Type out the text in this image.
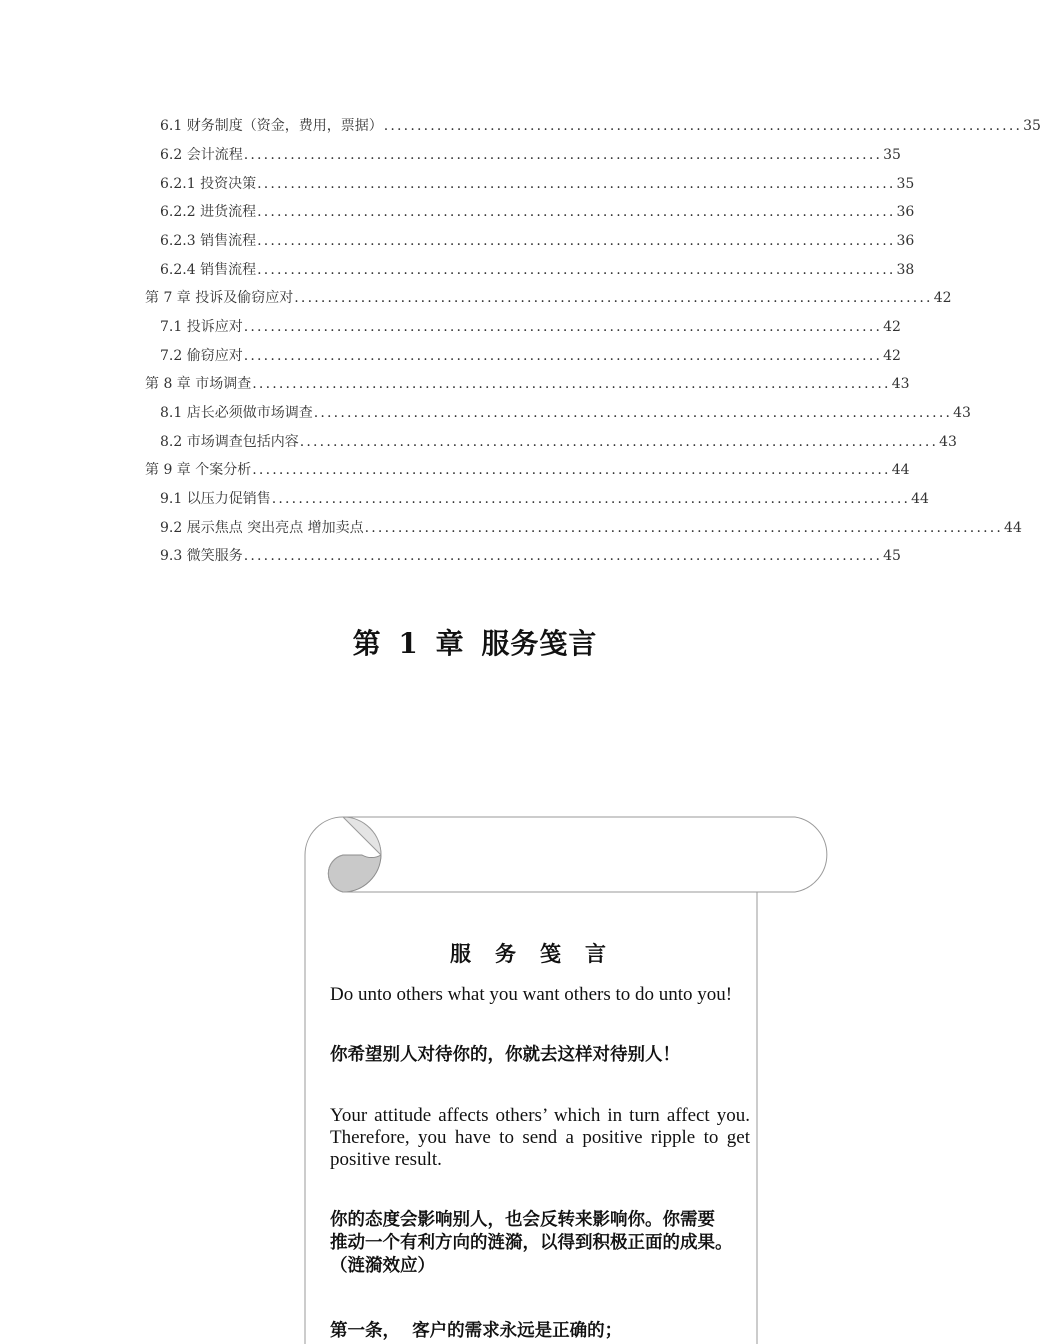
6.1 财务制度（资金，费用，票据） ................................................................................................ 35
6.2 会计流程 ................................................................................................ 35
6.2.1 投资决策 ................................................................................................ 35
6.2.2 进货流程 ................................................................................................ 36
6.2.3 销售流程 ................................................................................................ 36
6.2.4 销售流程 ................................................................................................ 38
第 7 章 投诉及偷窃应对 ................................................................................................ 42
7.1 投诉应对 ................................................................................................ 42
7.2 偷窃应对 ................................................................................................ 42
第 8 章 市场调查 ................................................................................................ 43
8.1 店长必须做市场调查 ................................................................................................ 43
8.2 市场调查包括内容 ................................................................................................ 43
第 9 章 个案分析 ................................................................................................ 44
9.1 以压力促销售 ................................................................................................ 44
9.2 展示焦点 突出亮点 增加卖点 ................................................................................................ 44
9.3 微笑服务 ................................................................................................ 45
第 1 章 服务笺言
服务笺言
Do unto others what you want others to do unto you!
你希望别人对待你的，你就去这样对待别人！
Your attitude affects others’ which in turn affect you.
Therefore, you have to send a positive ripple to get
positive result.
你的态度会影响别人，也会反转来影响你。你需要
推动一个有利方向的涟漪，以得到积极正面的成果。
（涟漪效应）
第一条，  客户的需求永远是正确的；
